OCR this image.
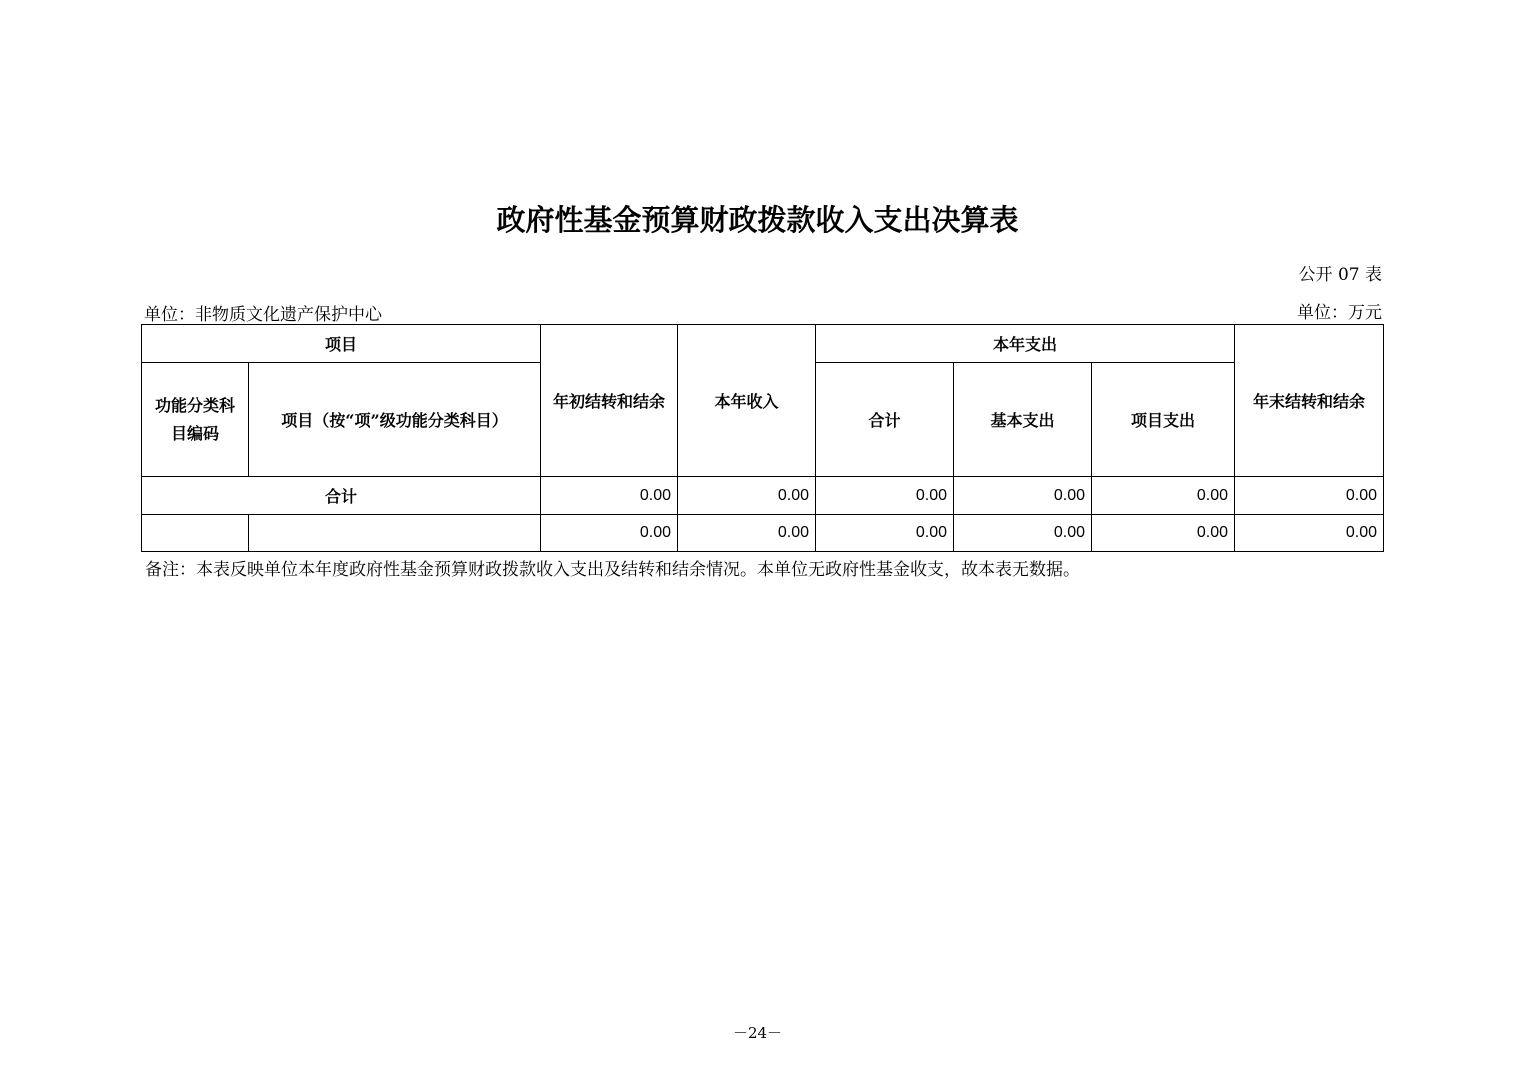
政府性基金预算财政拨款收入支出决算表
公开 07 表
单位：非物质文化遗产保护中心	单位：万元
项目		年初结转和结余	本年收入	本年支出			年末结转和结余
功能分类科目编码	项目（按“项”级功能分类科目）			合计	基本支出	项目支出	
合计		0.00	0.00	0.00	0.00	0.00	0.00
		0.00	0.00	0.00	0.00	0.00	0.00
备注：本表反映单位本年度政府性基金预算财政拨款收入支出及结转和结余情况。本单位无政府性基金收支，故本表无数据。
－24－
